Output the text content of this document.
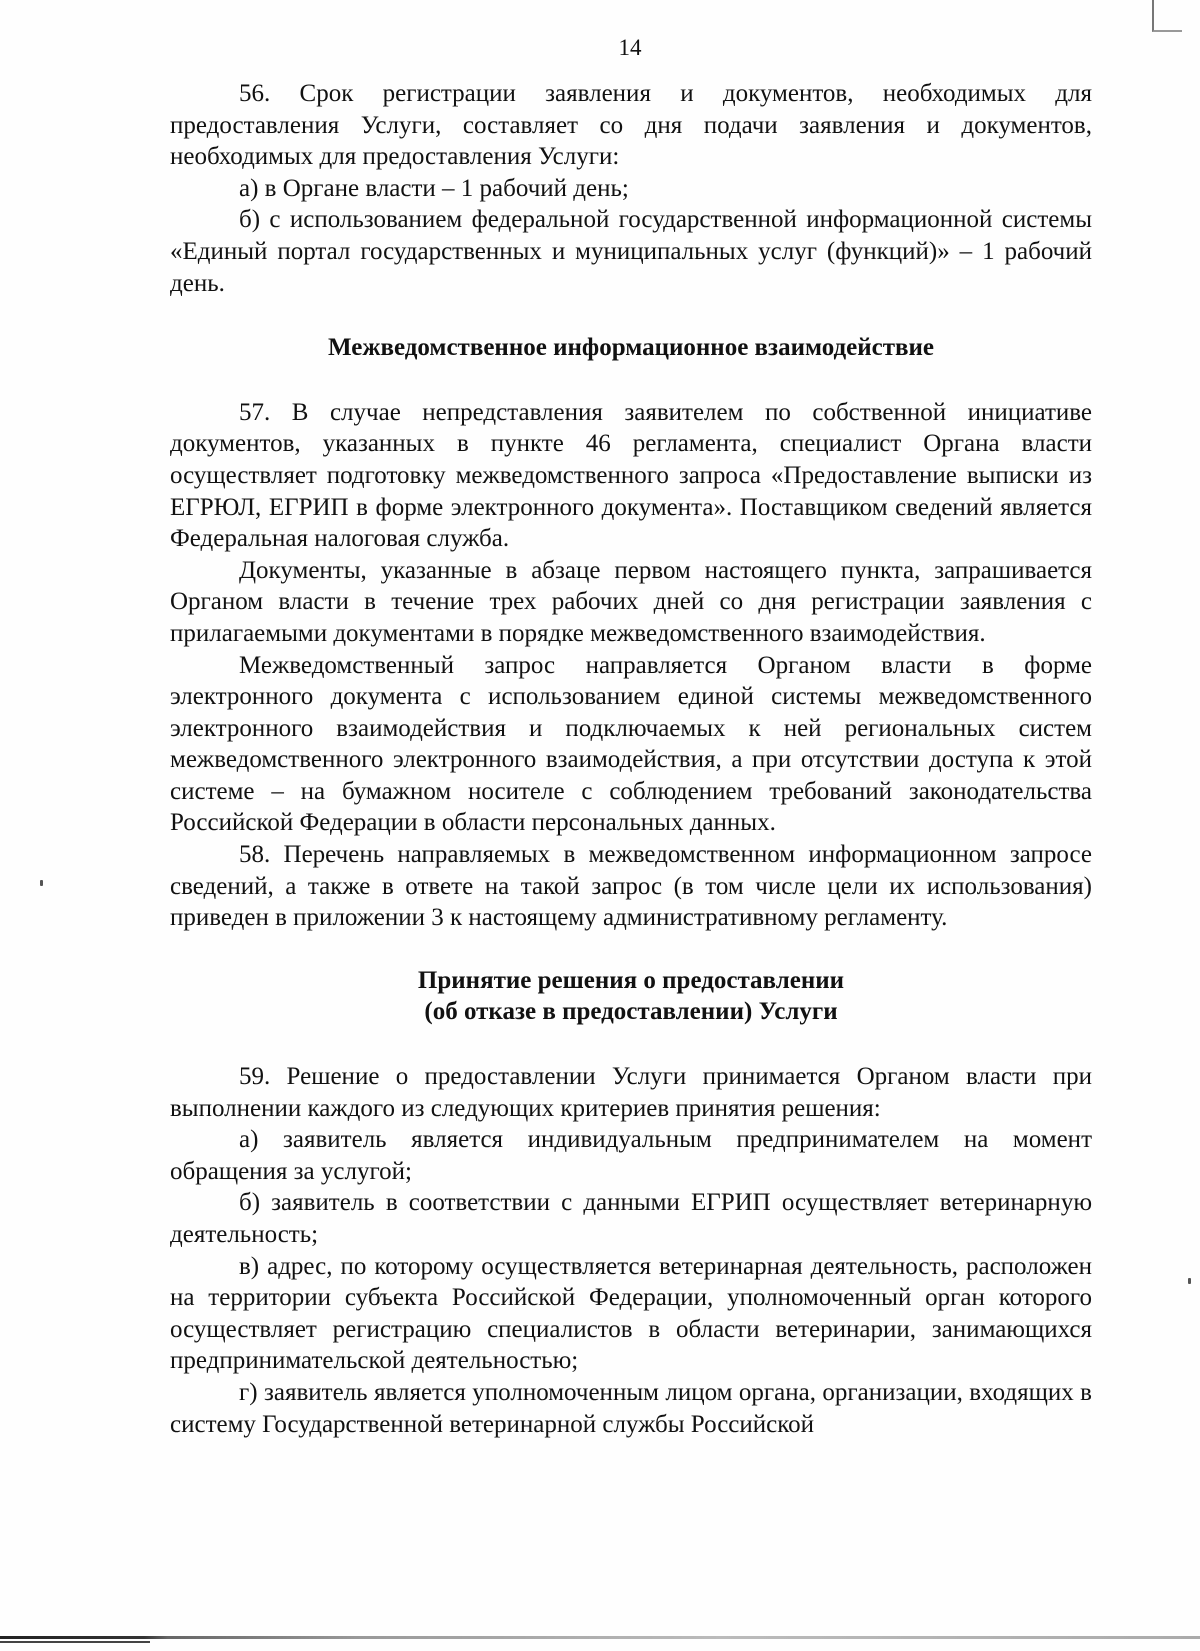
14

56. Срок регистрации заявления и документов, необходимых для предоставления Услуги, составляет со дня подачи заявления и документов, необходимых для предоставления Услуги:

а) в Органе власти – 1 рабочий день;

б) с использованием федеральной государственной информационной системы «Единый портал государственных и муниципальных услуг (функций)» – 1 рабочий день.

Межведомственное информационное взаимодействие

57. В случае непредставления заявителем по собственной инициативе документов, указанных в пункте 46 регламента, специалист Органа власти осуществляет подготовку межведомственного запроса «Предоставление выписки из ЕГРЮЛ, ЕГРИП в форме электронного документа». Поставщиком сведений является Федеральная налоговая служба.

Документы, указанные в абзаце первом настоящего пункта, запрашивается Органом власти в течение трех рабочих дней со дня регистрации заявления с прилагаемыми документами в порядке межведомственного взаимодействия.

Межведомственный запрос направляется Органом власти в форме электронного документа с использованием единой системы межведомственного электронного взаимодействия и подключаемых к ней региональных систем межведомственного электронного взаимодействия, а при отсутствии доступа к этой системе – на бумажном носителе с соблюдением требований законодательства Российской Федерации в области персональных данных.

58. Перечень направляемых в межведомственном информационном запросе сведений, а также в ответе на такой запрос (в том числе цели их использования) приведен в приложении 3 к настоящему административному регламенту.

Принятие решения о предоставлении
(об отказе в предоставлении) Услуги

59. Решение о предоставлении Услуги принимается Органом власти при выполнении каждого из следующих критериев принятия решения:

а) заявитель является индивидуальным предпринимателем на момент обращения за услугой;

б) заявитель в соответствии с данными ЕГРИП осуществляет ветеринарную деятельность;

в) адрес, по которому осуществляется ветеринарная деятельность, расположен на территории субъекта Российской Федерации, уполномоченный орган которого осуществляет регистрацию специалистов в области ветеринарии, занимающихся предпринимательской деятельностью;

г) заявитель является уполномоченным лицом органа, организации, входящих в систему Государственной ветеринарной службы Российской
